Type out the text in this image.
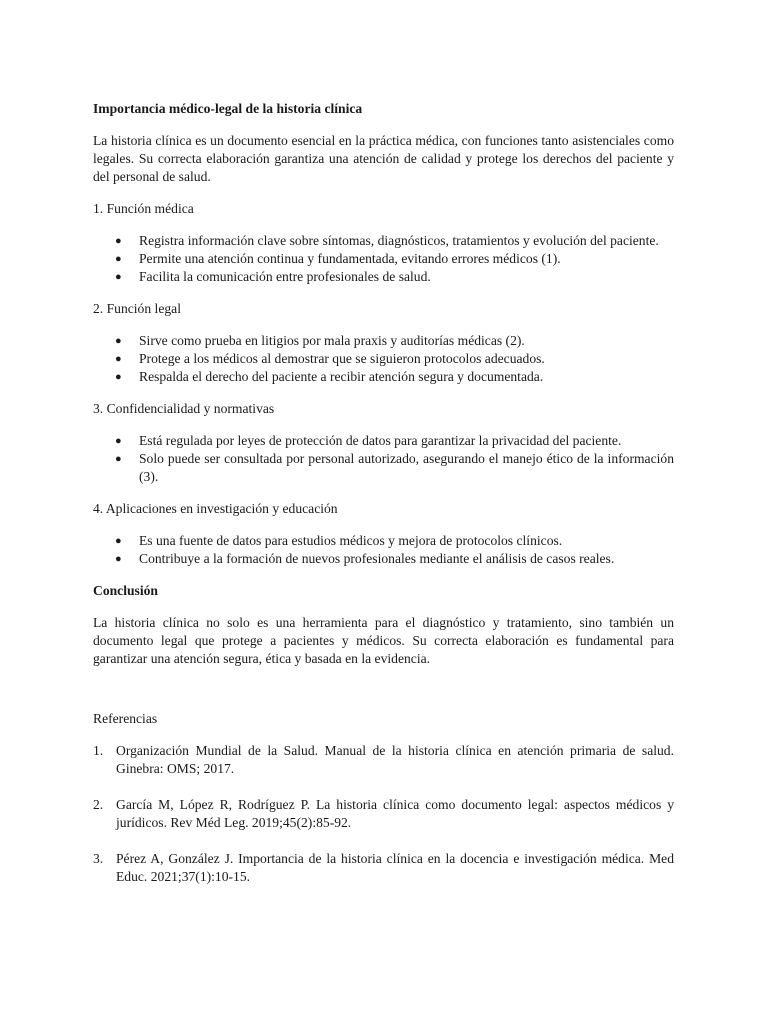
Importancia médico-legal de la historia clínica

La historia clínica es un documento esencial en la práctica médica, con funciones tanto asistenciales como legales. Su correcta elaboración garantiza una atención de calidad y protege los derechos del paciente y del personal de salud.

1. Función médica

● Registra información clave sobre síntomas, diagnósticos, tratamientos y evolución del paciente.
● Permite una atención continua y fundamentada, evitando errores médicos (1).
● Facilita la comunicación entre profesionales de salud.

2. Función legal

● Sirve como prueba en litigios por mala praxis y auditorías médicas (2).
● Protege a los médicos al demostrar que se siguieron protocolos adecuados.
● Respalda el derecho del paciente a recibir atención segura y documentada.

3. Confidencialidad y normativas

● Está regulada por leyes de protección de datos para garantizar la privacidad del paciente.
● Solo puede ser consultada por personal autorizado, asegurando el manejo ético de la información (3).

4. Aplicaciones en investigación y educación

● Es una fuente de datos para estudios médicos y mejora de protocolos clínicos.
● Contribuye a la formación de nuevos profesionales mediante el análisis de casos reales.

Conclusión

La historia clínica no solo es una herramienta para el diagnóstico y tratamiento, sino también un documento legal que protege a pacientes y médicos. Su correcta elaboración es fundamental para garantizar una atención segura, ética y basada en la evidencia.

Referencias

1. Organización Mundial de la Salud. Manual de la historia clínica en atención primaria de salud. Ginebra: OMS; 2017.
2. García M, López R, Rodríguez P. La historia clínica como documento legal: aspectos médicos y jurídicos. Rev Méd Leg. 2019;45(2):85-92.
3. Pérez A, González J. Importancia de la historia clínica en la docencia e investigación médica. Med Educ. 2021;37(1):10-15.
